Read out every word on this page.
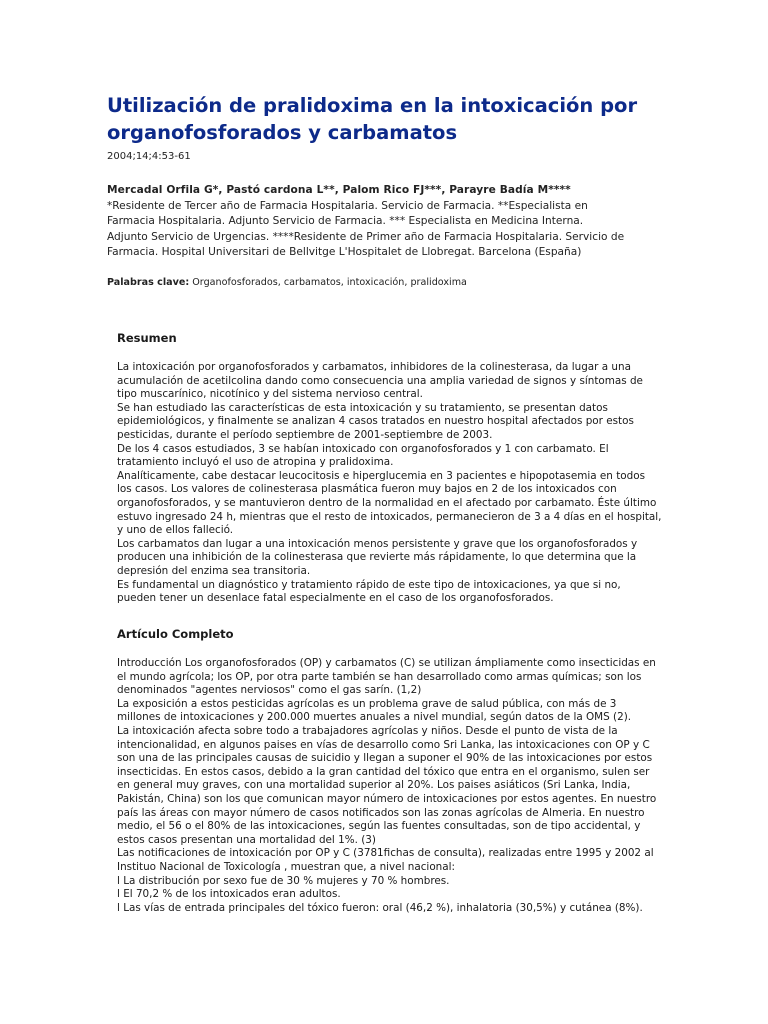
Utilización de pralidoxima en la intoxicación por organofosforados y carbamatos
2004;14;4:53-61
Mercadal Orfila G*, Pastó cardona L**, Palom Rico FJ***, Parayre Badía M****
*Residente de Tercer año de Farmacia Hospitalaria. Servicio de Farmacia. **Especialista en Farmacia Hospitalaria. Adjunto Servicio de Farmacia. *** Especialista en Medicina Interna. Adjunto Servicio de Urgencias. ****Residente de Primer año de Farmacia Hospitalaria. Servicio de Farmacia. Hospital Universitari de Bellvitge L'Hospitalet de Llobregat. Barcelona (España)
Palabras clave: Organofosforados, carbamatos, intoxicación, pralidoxima
Resumen

La intoxicación por organofosforados y carbamatos, inhibidores de la colinesterasa, da lugar a una acumulación de acetilcolina dando como consecuencia una amplia variedad de signos y síntomas de tipo muscarínico, nicotínico y del sistema nervioso central.

Se han estudiado las características de esta intoxicación y su tratamiento, se presentan datos epidemiológicos, y finalmente se analizan 4 casos tratados en nuestro hospital afectados por estos pesticidas, durante el período septiembre de 2001-septiembre de 2003.

De los 4 casos estudiados, 3 se habían intoxicado con organofosforados y 1 con carbamato. El tratamiento incluyó el uso de atropina y pralidoxima.

Analíticamente, cabe destacar leucocitosis e hiperglucemia en 3 pacientes e hipopotasemia en todos los casos. Los valores de colinesterasa plasmática fueron muy bajos en 2 de los intoxicados con organofosforados, y se mantuvieron dentro de la normalidad en el afectado por carbamato. Éste último estuvo ingresado 24 h, mientras que el resto de intoxicados, permanecieron de 3 a 4 días en el hospital, y uno de ellos falleció.

Los carbamatos dan lugar a una intoxicación menos persistente y grave que los organofosforados y producen una inhibición de la colinesterasa que revierte más rápidamente, lo que determina que la depresión del enzima sea transitoria.

Es fundamental un diagnóstico y tratamiento rápido de este tipo de intoxicaciones, ya que si no, pueden tener un desenlace fatal especialmente en el caso de los organofosforados.

Artículo Completo

Introducción Los organofosforados (OP) y carbamatos (C) se utilizan ámpliamente como insecticidas en el mundo agrícola; los OP, por otra parte también se han desarrollado como armas químicas; son los denominados "agentes nerviosos" como el gas sarín. (1,2)

La exposición a estos pesticidas agrícolas es un problema grave de salud pública, con más de 3 millones de intoxicaciones y 200.000 muertes anuales a nivel mundial, según datos de la OMS (2).

La intoxicación afecta sobre todo a trabajadores agrícolas y niños. Desde el punto de vista de la intencionalidad, en algunos paises en vías de desarrollo como Sri Lanka, las intoxicaciones con OP y C son una de las principales causas de suicidio y llegan a suponer el 90% de las intoxicaciones por estos insecticidas. En estos casos, debido a la gran cantidad del tóxico que entra en el organismo, sulen ser en general muy graves, con una mortalidad superior al 20%. Los paises asiáticos (Sri Lanka, India, Pakistán, China) son los que comunican mayor número de intoxicaciones por estos agentes. En nuestro país las áreas con mayor número de casos notificados son las zonas agrícolas de Almeria. En nuestro medio, el 56 o el 80% de las intoxicaciones, según las fuentes consultadas, son de tipo accidental, y estos casos presentan una mortalidad del 1%. (3)

Las notificaciones de intoxicación por OP y C (3781fichas de consulta), realizadas entre 1995 y 2002 al Instituo Nacional de Toxicología , muestran que, a nivel nacional:

l La distribución por sexo fue de 30 % mujeres y 70 % hombres.

l El 70,2 % de los intoxicados eran adultos.

l Las vías de entrada principales del tóxico fueron: oral (46,2 %), inhalatoria (30,5%) y cutánea (8%).
